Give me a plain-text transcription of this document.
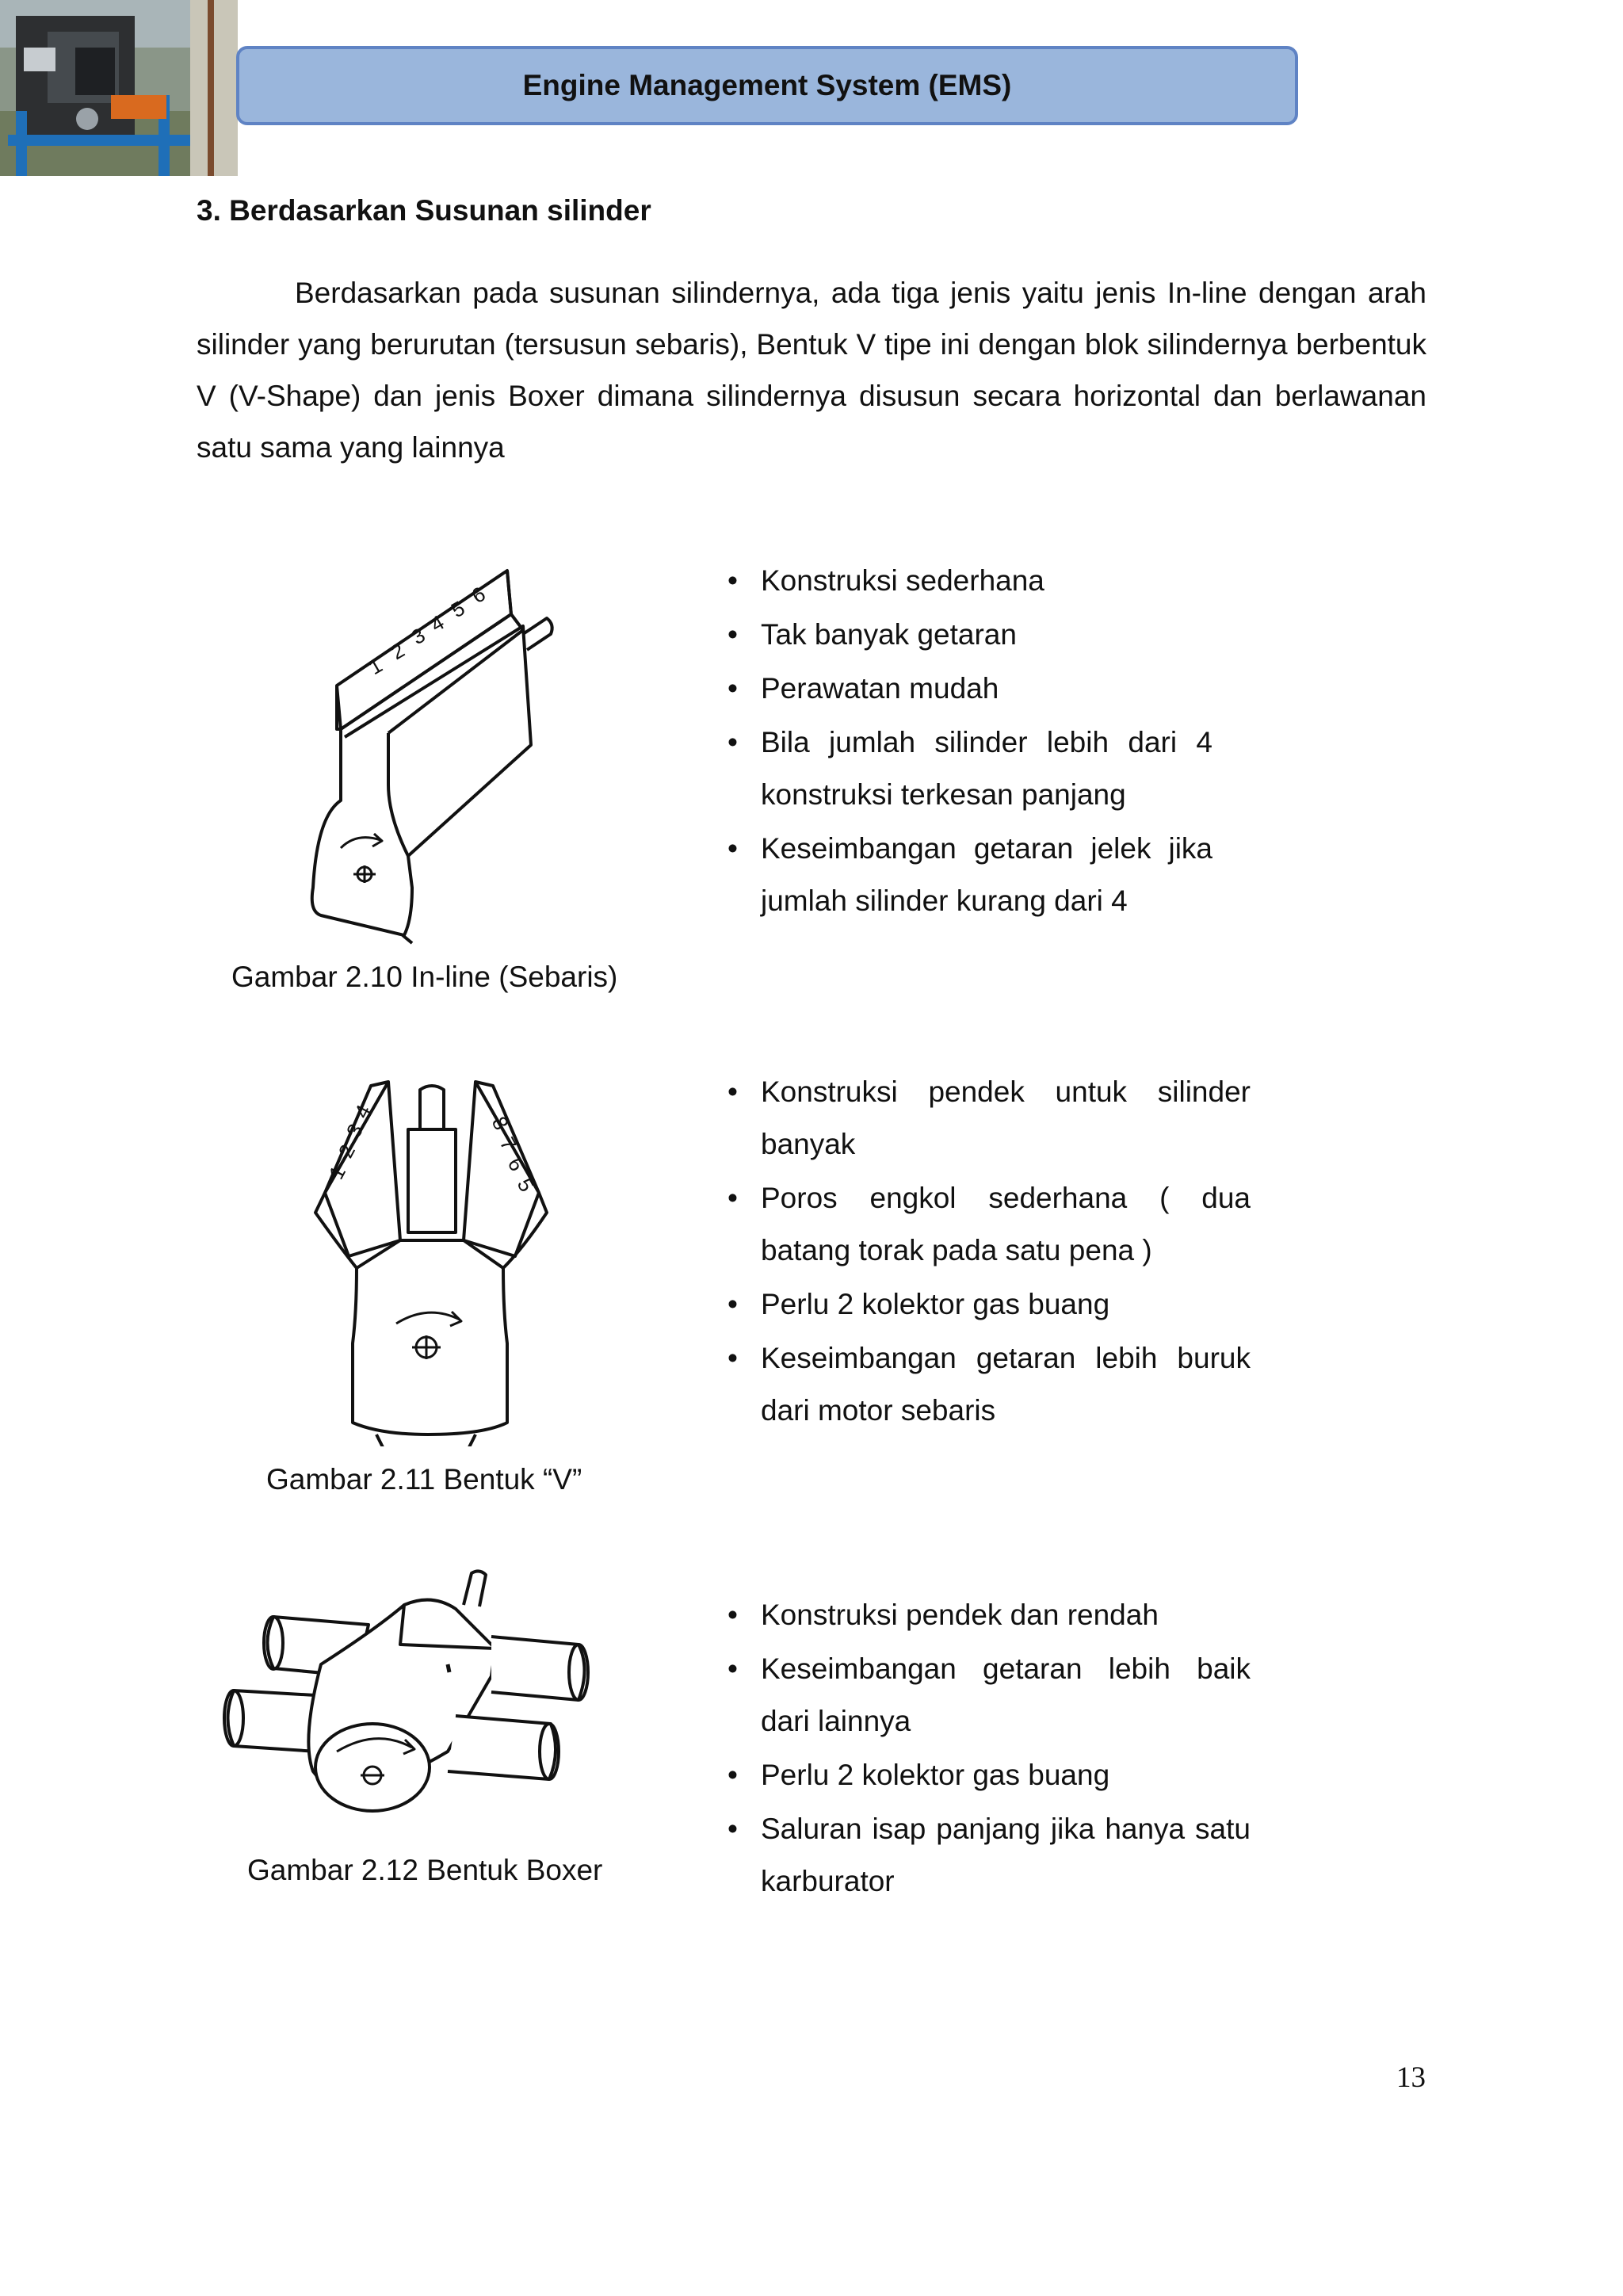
Engine Management System (EMS)
3. Berdasarkan Susunan silinder
Berdasarkan pada susunan silindernya, ada tiga jenis yaitu jenis In-line dengan arah silinder yang berurutan (tersusun sebaris), Bentuk V tipe ini dengan blok silindernya berbentuk V (V-Shape) dan jenis Boxer dimana silindernya disusun secara horizontal dan berlawanan satu sama yang lainnya
1
2
3
4
5
6
Gambar 2.10 In-line (Sebaris)
• Konstruksi sederhana
• Tak banyak getaran
• Perawatan mudah
• Bila jumlah silinder lebih dari 4 konstruksi terkesan panjang
• Keseimbangan getaran jelek jika jumlah silinder kurang dari 4
1
2
3
4
5
6
7
8
Gambar 2.11 Bentuk “V”
• Konstruksi pendek untuk silinder banyak
• Poros engkol sederhana ( dua batang torak pada satu pena )
• Perlu 2 kolektor gas buang
• Keseimbangan getaran lebih buruk dari motor sebaris
Gambar 2.12 Bentuk Boxer
• Konstruksi pendek dan rendah
• Keseimbangan getaran lebih baik dari lainnya
• Perlu 2 kolektor gas buang
• Saluran isap panjang jika hanya satu karburator
13
